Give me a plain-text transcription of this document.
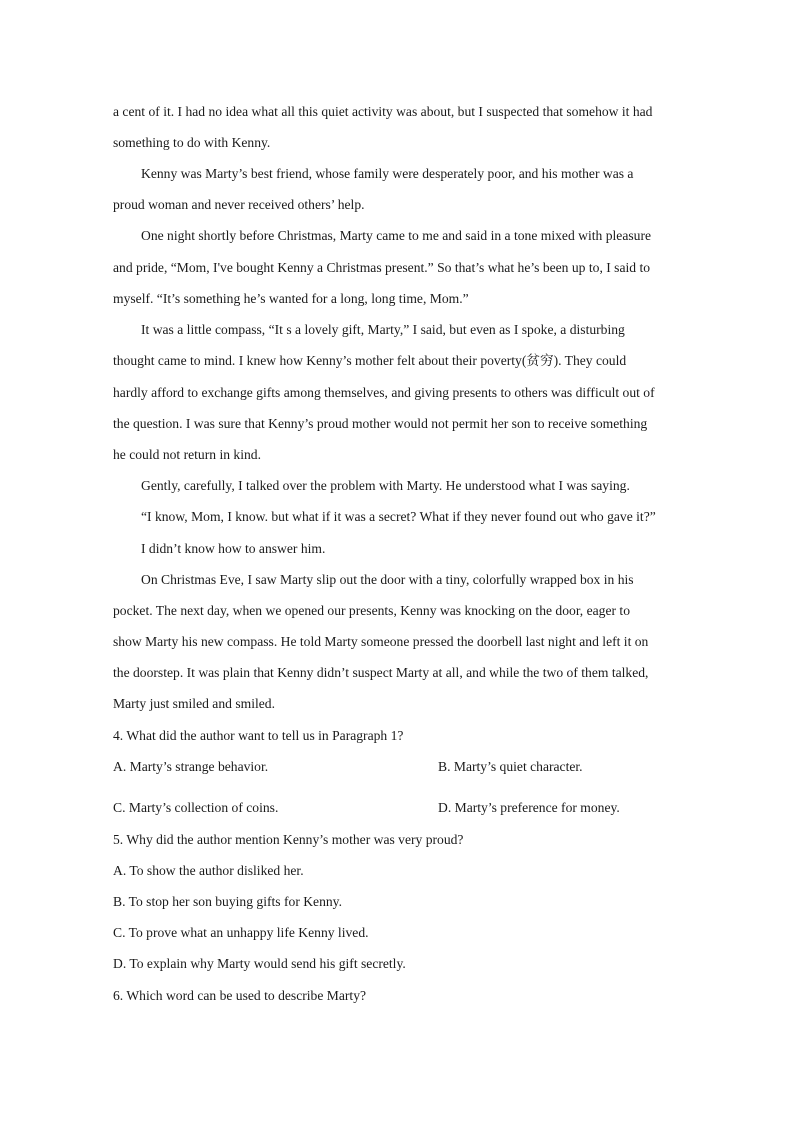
a cent of it. I had no idea what all this quiet activity was about, but I suspected that somehow it had
something to do with Kenny.
Kenny was Marty’s best friend, whose family were desperately poor, and his mother was a
proud woman and never received others’ help.
One night shortly before Christmas, Marty came to me and said in a tone mixed with pleasure
and pride, “Mom, I've bought Kenny a Christmas present.” So that’s what he’s been up to, I said to
myself. “It’s something he’s wanted for a long, long time, Mom.”
It was a little compass, “It s a lovely gift, Marty,” I said, but even as I spoke, a disturbing
thought came to mind. I knew how Kenny’s mother felt about their poverty(贫穷). They could
hardly afford to exchange gifts among themselves, and giving presents to others was difficult out of
the question. I was sure that Kenny’s proud mother would not permit her son to receive something
he could not return in kind.
Gently, carefully, I talked over the problem with Marty. He understood what I was saying.
“I know, Mom, I know. but what if it was a secret? What if they never found out who gave it?”
I didn’t know how to answer him.
On Christmas Eve, I saw Marty slip out the door with a tiny, colorfully wrapped box in his
pocket. The next day, when we opened our presents, Kenny was knocking on the door, eager to
show Marty his new compass. He told Marty someone pressed the doorbell last night and left it on
the doorstep. It was plain that Kenny didn’t suspect Marty at all, and while the two of them talked,
Marty just smiled and smiled.
4. What did the author want to tell us in Paragraph 1?
A. Marty’s strange behavior.	B. Marty’s quiet character.
C. Marty’s collection of coins.	D. Marty’s preference for money.
5. Why did the author mention Kenny’s mother was very proud?
A. To show the author disliked her.
B. To stop her son buying gifts for Kenny.
C. To prove what an unhappy life Kenny lived.
D. To explain why Marty would send his gift secretly.
6. Which word can be used to describe Marty?
